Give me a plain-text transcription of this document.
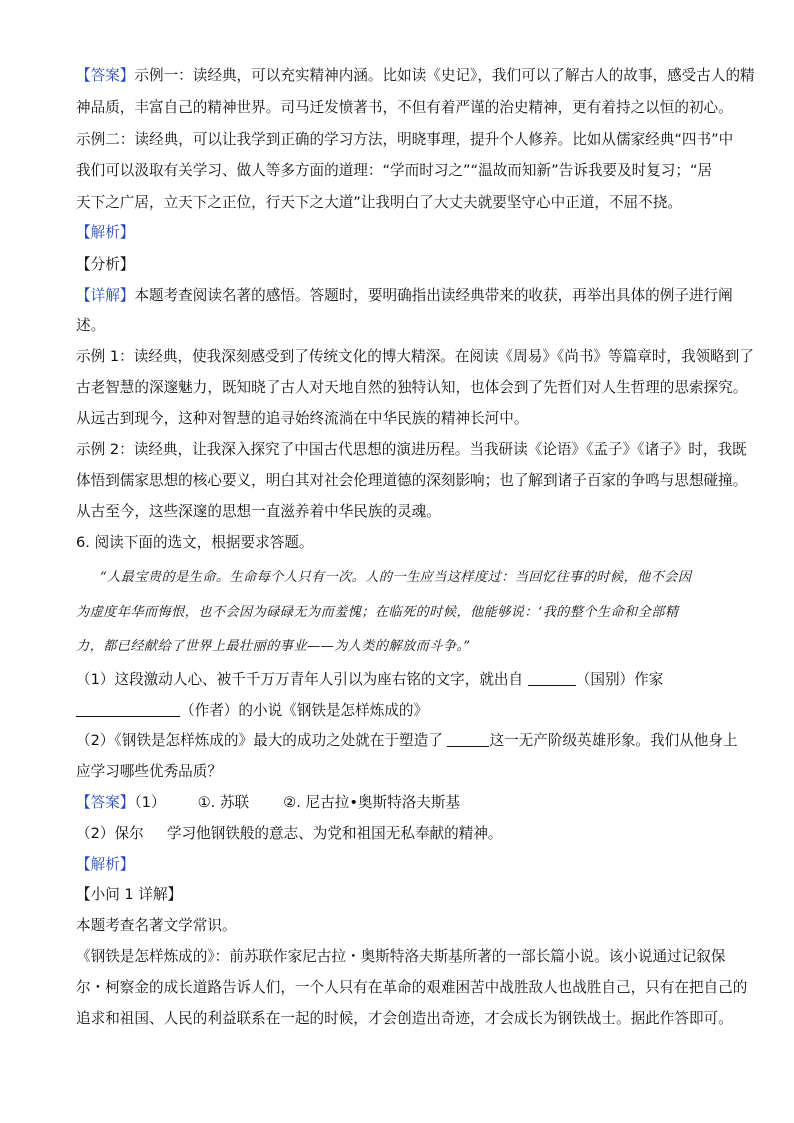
【答案】示例一：读经典，可以充实精神内涵。比如读《史记》，我们可以了解古人的故事，感受古人的精
神品质，丰富自己的精神世界。司马迁发愤著书，不但有着严谨的治史精神，更有着持之以恒的初心。
示例二：读经典，可以让我学到正确的学习方法，明晓事理，提升个人修养。比如从儒家经典“四书”中
我们可以汲取有关学习、做人等多方面的道理：“学而时习之”“温故而知新”告诉我要及时复习；“居
天下之广居，立天下之正位，行天下之大道”让我明白了大丈夫就要坚守心中正道，不屈不挠。
【解析】
【分析】
【详解】本题考查阅读名著的感悟。答题时，要明确指出读经典带来的收获，再举出具体的例子进行阐
述。
示例 1：读经典，使我深刻感受到了传统文化的博大精深。在阅读《周易》《尚书》等篇章时，我领略到了
古老智慧的深邃魅力，既知晓了古人对天地自然的独特认知，也体会到了先哲们对人生哲理的思索探究。
从远古到现今，这种对智慧的追寻始终流淌在中华民族的精神长河中。
示例 2：读经典，让我深入探究了中国古代思想的演进历程。当我研读《论语》《孟子》《诸子》时，我既
体悟到儒家思想的核心要义，明白其对社会伦理道德的深刻影响；也了解到诸子百家的争鸣与思想碰撞。
从古至今，这些深邃的思想一直滋养着中华民族的灵魂。
6. 阅读下面的选文，根据要求答题。
“人最宝贵的是生命。生命每个人只有一次。人的一生应当这样度过：当回忆往事的时候，他不会因
为虚度年华而悔恨，也不会因为碌碌无为而羞愧；在临死的时候，他能够说：‘我的整个生命和全部精
力，都已经献给了世界上最壮丽的事业——为人类的解放而斗争。”
（1）这段激动人心、被千千万万青年人引以为座右铭的文字，就出自	（国别）作家
（作者）的小说《钢铁是怎样炼成的》
（2）《钢铁是怎样炼成的》最大的成功之处就在于塑造了	这一无产阶级英雄形象。我们从他身上
应学习哪些优秀品质？
【答案】（1） ①. 苏联 ②. 尼古拉•奥斯特洛夫斯基
（2）保尔     学习他钢铁般的意志、为党和祖国无私奉献的精神。
【解析】
【小问 1 详解】
本题考查名著文学常识。
《钢铁是怎样炼成的》：前苏联作家尼古拉・奥斯特洛夫斯基所著的一部长篇小说。该小说通过记叙保
尔・柯察金的成长道路告诉人们，一个人只有在革命的艰难困苦中战胜敌人也战胜自己，只有在把自己的
追求和祖国、人民的利益联系在一起的时候，才会创造出奇迹，才会成长为钢铁战士。据此作答即可。
